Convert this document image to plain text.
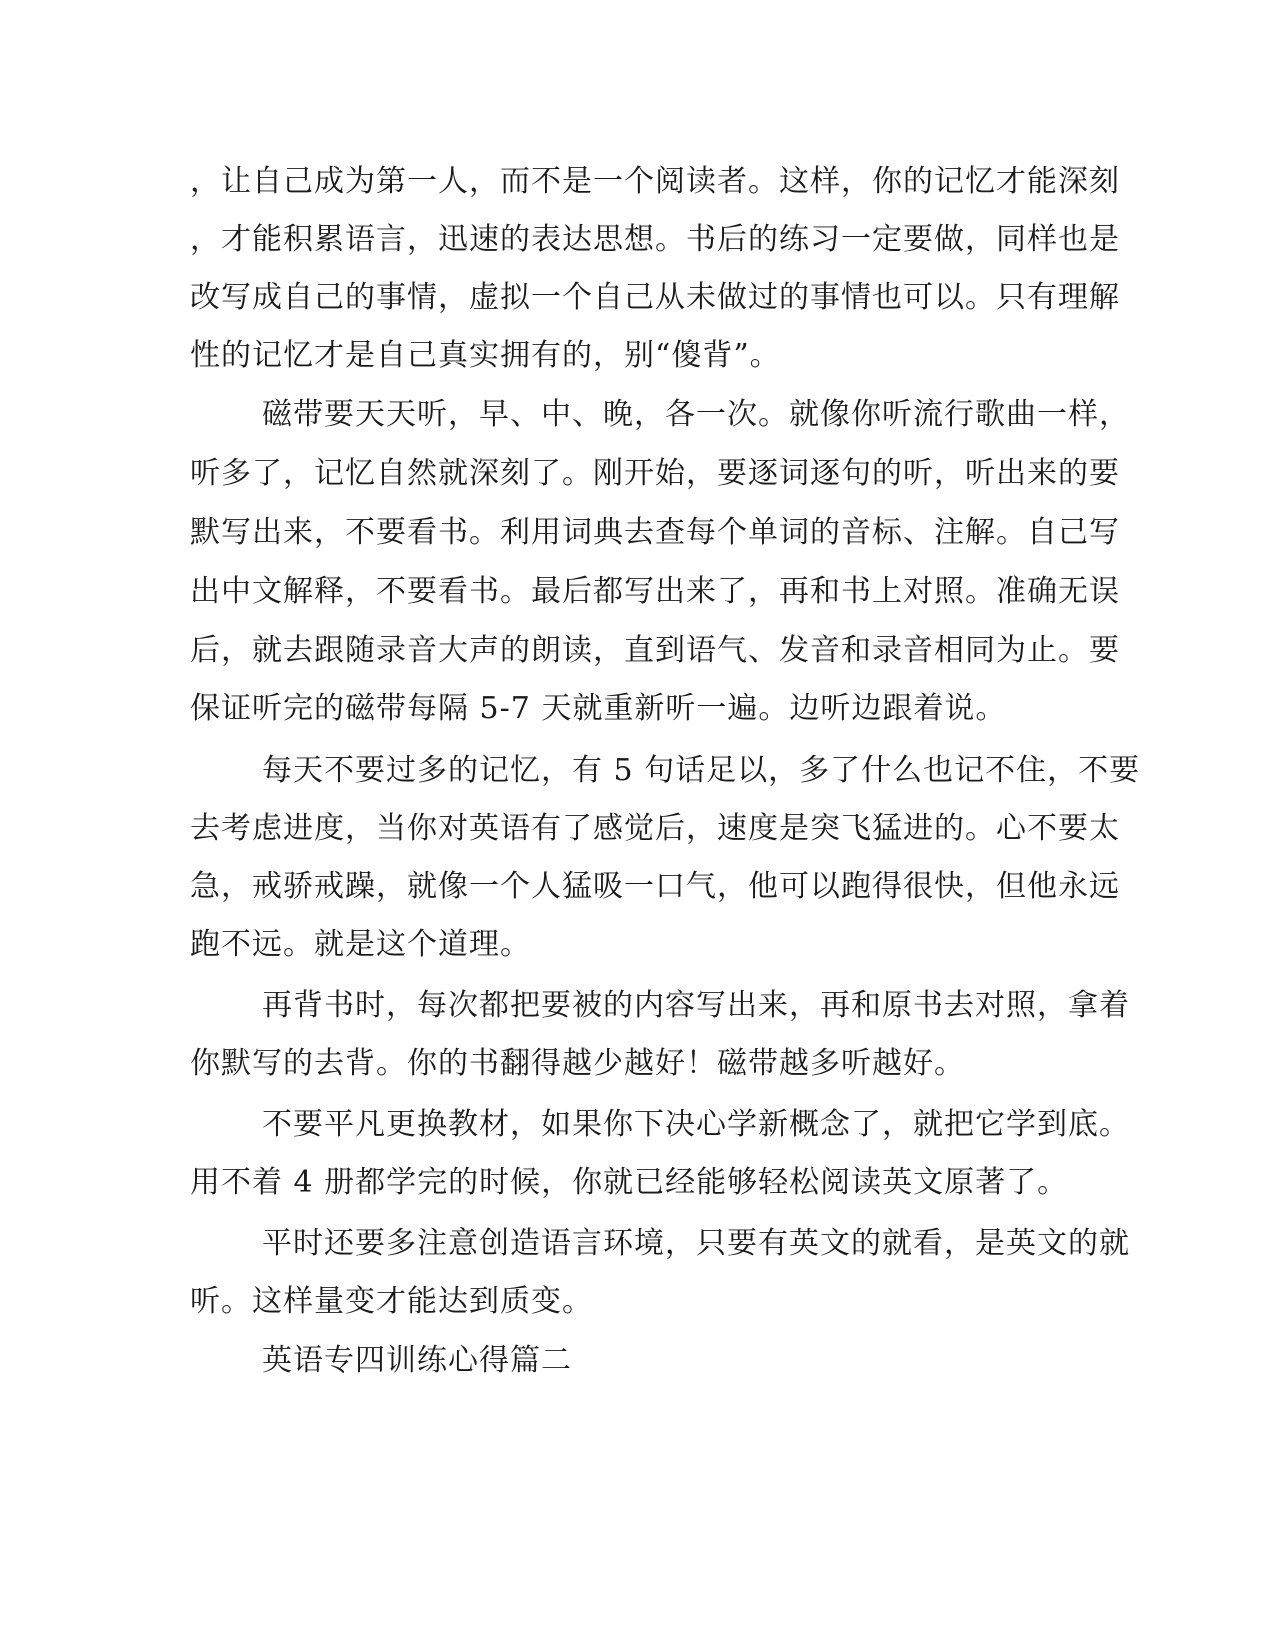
，让自己成为第一人，而不是一个阅读者。这样，你的记忆才能深刻
，才能积累语言，迅速的表达思想。书后的练习一定要做，同样也是
改写成自己的事情，虚拟一个自己从未做过的事情也可以。只有理解
性的记忆才是自己真实拥有的，别“傻背”。
磁带要天天听，早、中、晚，各一次。就像你听流行歌曲一样，
听多了，记忆自然就深刻了。刚开始，要逐词逐句的听，听出来的要
默写出来，不要看书。利用词典去查每个单词的音标、注解。自己写
出中文解释，不要看书。最后都写出来了，再和书上对照。准确无误
后，就去跟随录音大声的朗读，直到语气、发音和录音相同为止。要
保证听完的磁带每隔 5-7 天就重新听一遍。边听边跟着说。
每天不要过多的记忆，有 5 句话足以，多了什么也记不住，不要
去考虑进度，当你对英语有了感觉后，速度是突飞猛进的。心不要太
急，戒骄戒躁，就像一个人猛吸一口气，他可以跑得很快，但他永远
跑不远。就是这个道理。
再背书时，每次都把要被的内容写出来，再和原书去对照，拿着
你默写的去背。你的书翻得越少越好！磁带越多听越好。
不要平凡更换教材，如果你下决心学新概念了，就把它学到底。
用不着 4 册都学完的时候，你就已经能够轻松阅读英文原著了。
平时还要多注意创造语言环境，只要有英文的就看，是英文的就
听。这样量变才能达到质变。
英语专四训练心得篇二
